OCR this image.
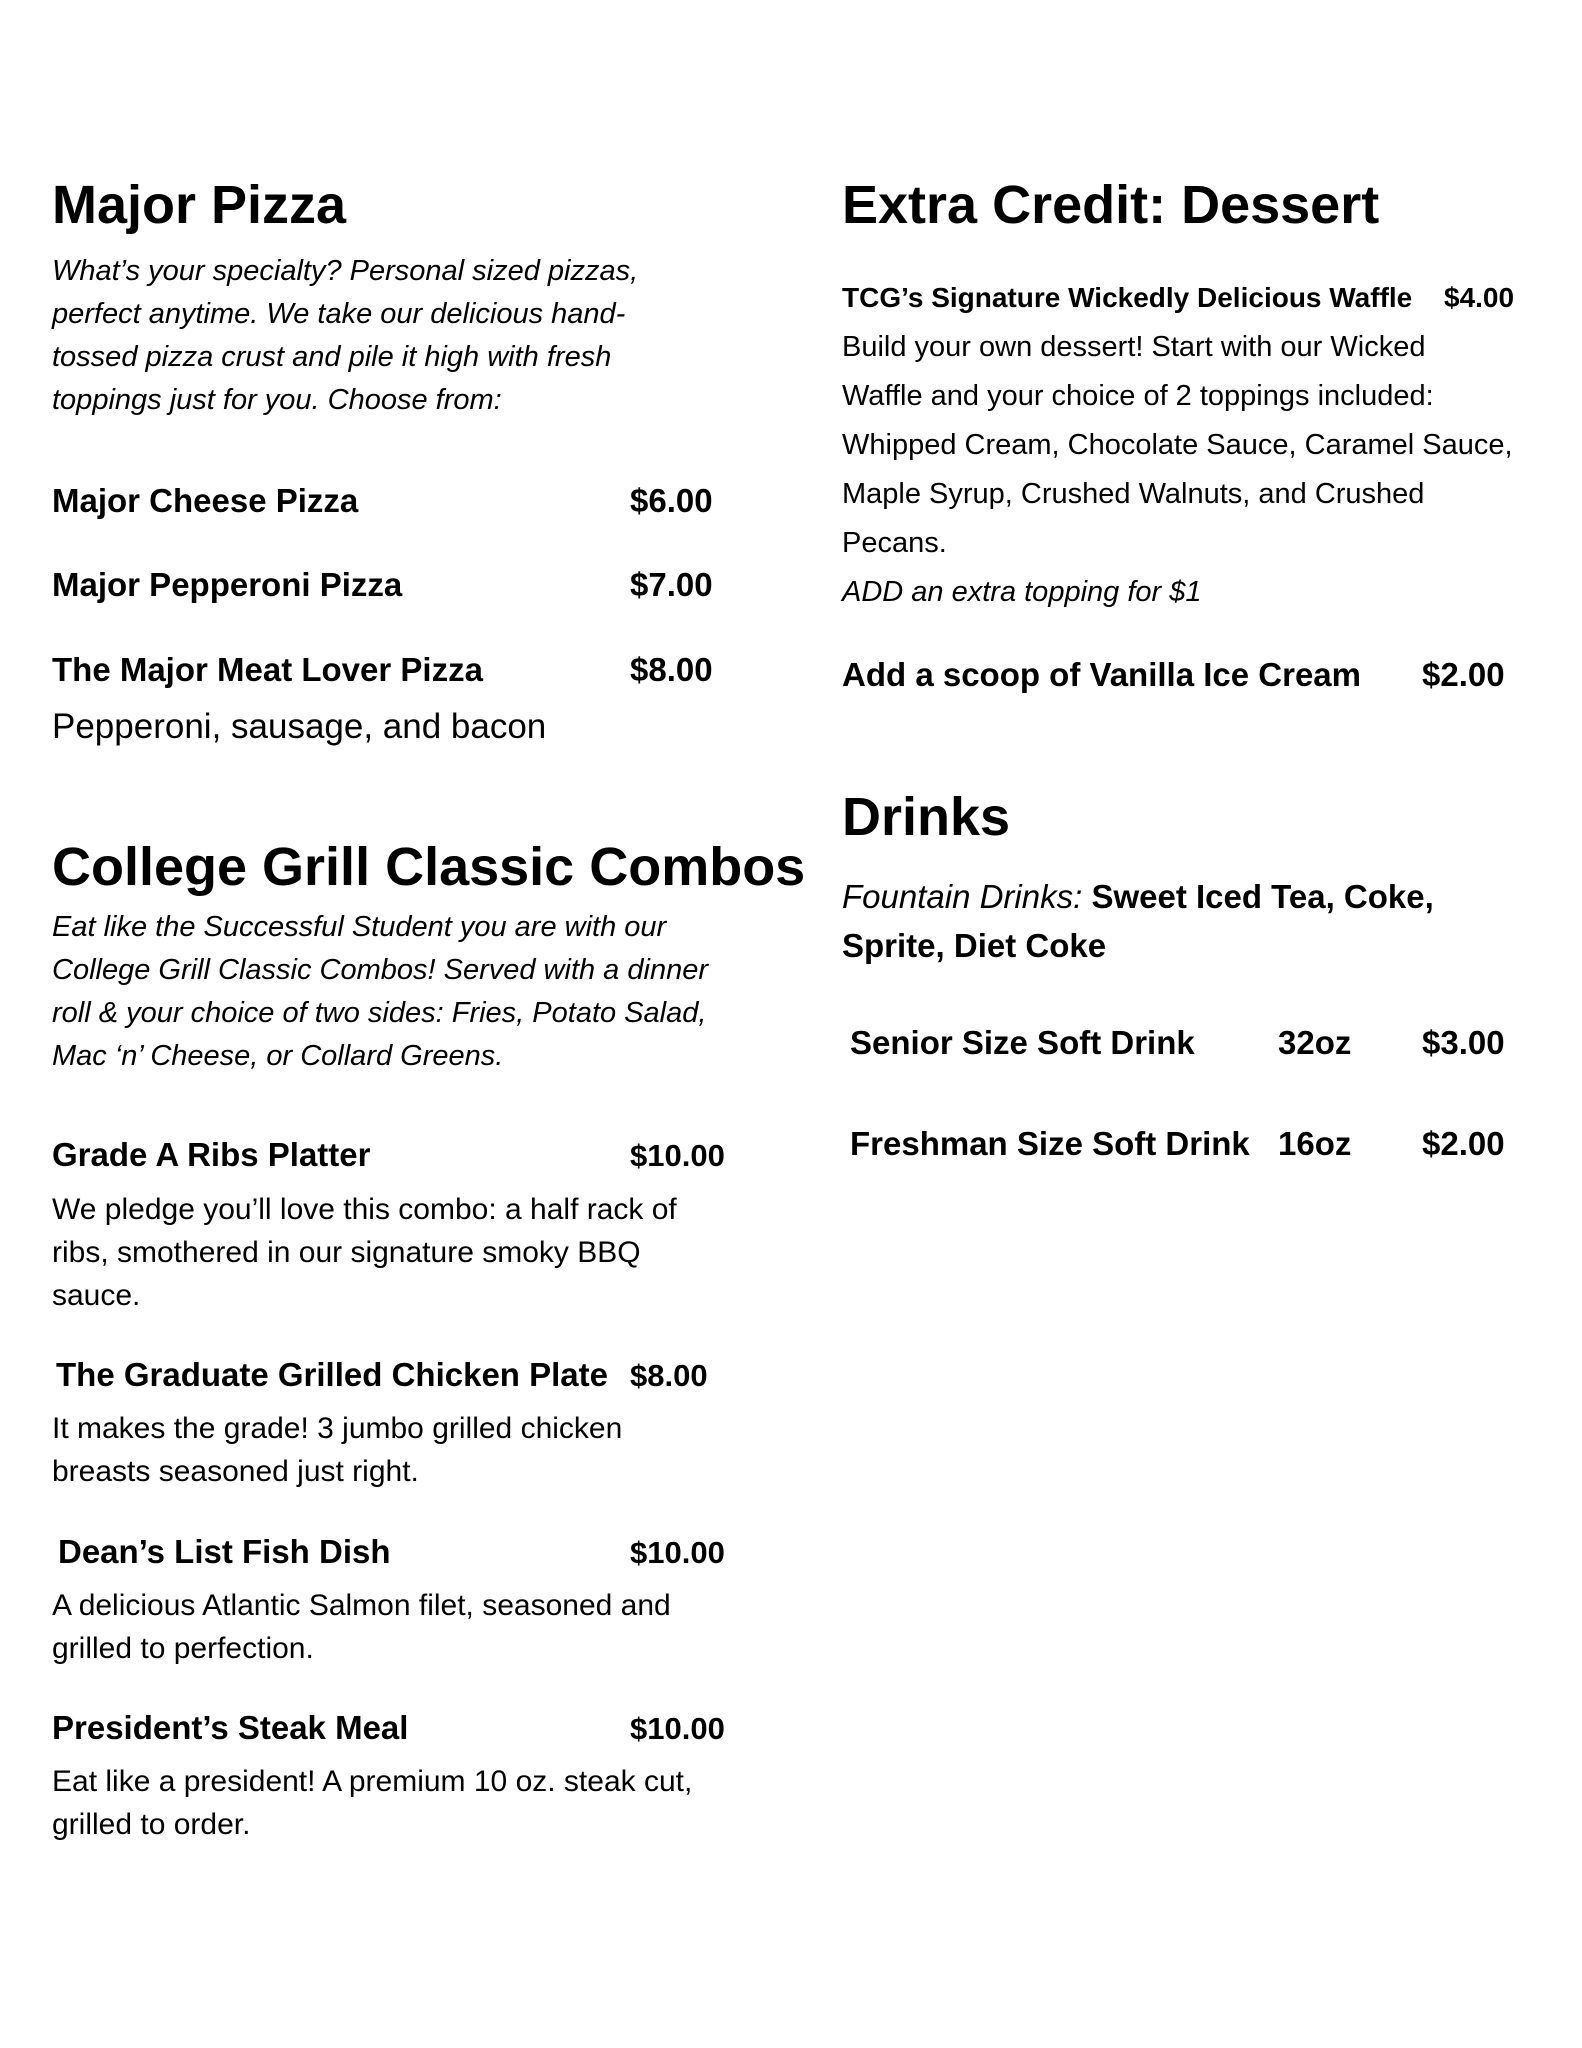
Major Pizza
What’s your specialty? Personal sized pizzas,
perfect anytime. We take our delicious hand-
tossed pizza crust and pile it high with fresh
toppings just for you. Choose from:
Major Cheese Pizza	$6.00
Major Pepperoni Pizza	$7.00
The Major Meat Lover Pizza	$8.00
Pepperoni, sausage, and bacon
College Grill Classic Combos
Eat like the Successful Student you are with our
College Grill Classic Combos! Served with a dinner
roll & your choice of two sides: Fries, Potato Salad,
Mac ‘n’ Cheese, or Collard Greens.
Grade A Ribs Platter	$10.00
We pledge you’ll love this combo: a half rack of
ribs, smothered in our signature smoky BBQ
sauce.
The Graduate Grilled Chicken Plate $8.00
It makes the grade! 3 jumbo grilled chicken
breasts seasoned just right.
Dean’s List Fish Dish	$10.00
A delicious Atlantic Salmon filet, seasoned and
grilled to perfection.
President’s Steak Meal	$10.00
Eat like a president! A premium 10 oz. steak cut,
grilled to order.
Extra Credit: Dessert
TCG’s Signature Wickedly Delicious Waffle $4.00
Build your own dessert! Start with our Wicked
Waffle and your choice of 2 toppings included:
Whipped Cream, Chocolate Sauce, Caramel Sauce,
Maple Syrup, Crushed Walnuts, and Crushed
Pecans.
ADD an extra topping for $1
Add a scoop of Vanilla Ice Cream $2.00
Drinks
Fountain Drinks: Sweet Iced Tea, Coke,
Sprite, Diet Coke
Senior Size Soft Drink	32oz $3.00
Freshman Size Soft Drink 16oz $2.00
